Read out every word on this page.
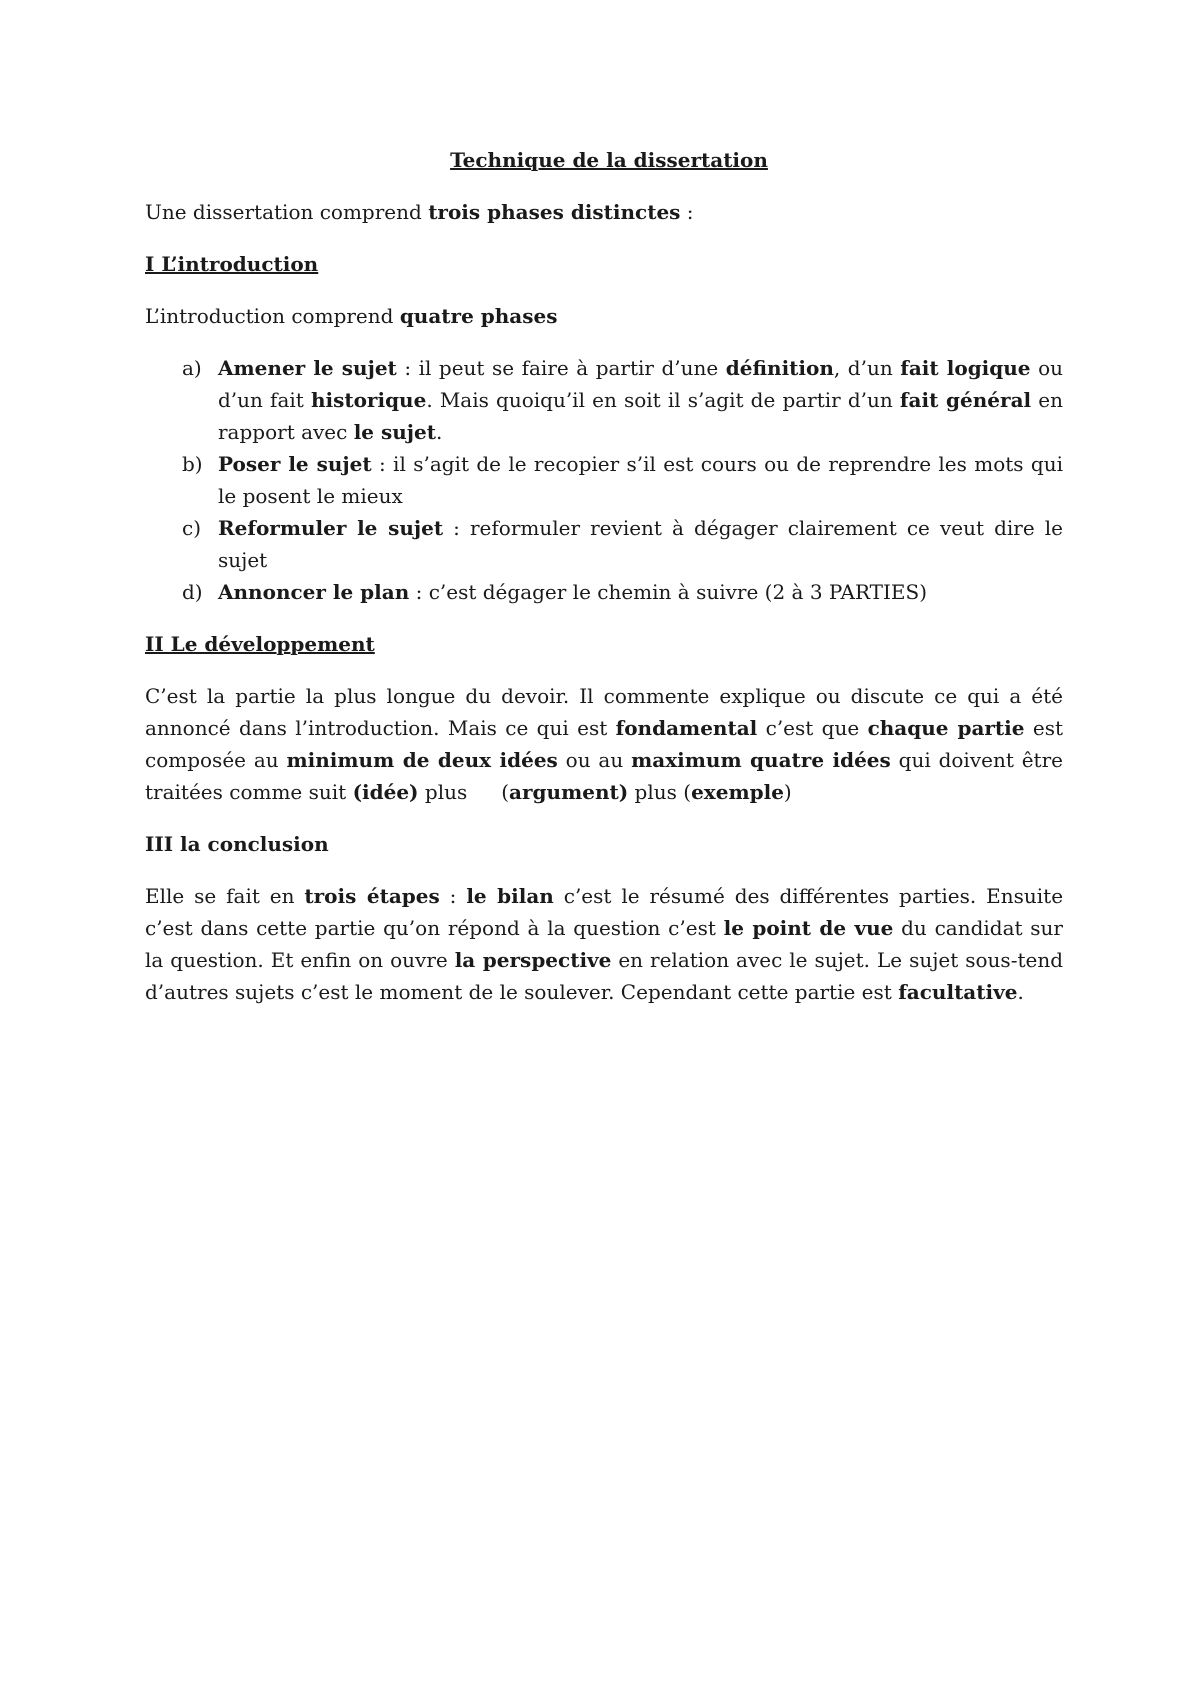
Technique de la dissertation

Une dissertation comprend trois phases distinctes :

I L’introduction

L’introduction comprend quatre phases

a) Amener le sujet : il peut se faire à partir d’une définition, d’un fait logique ou d’un fait historique. Mais quoiqu’il en soit il s’agit de partir d’un fait général en rapport avec le sujet.
b) Poser le sujet : il s’agit de le recopier s’il est cours ou de reprendre les mots qui le posent le mieux
c) Reformuler le sujet : reformuler revient à dégager clairement ce veut dire le sujet
d) Annoncer le plan : c’est dégager le chemin à suivre (2 à 3 PARTIES)
II Le développement

C’est la partie la plus longue du devoir. Il commente explique ou discute ce qui a été annoncé dans l’introduction. Mais ce qui est fondamental c’est que chaque partie est composée au minimum de deux idées ou au maximum quatre idées qui doivent être traitées comme suit (idée) plus (argument) plus (exemple)

III la conclusion

Elle se fait en trois étapes : le bilan c’est le résumé des différentes parties. Ensuite c’est dans cette partie qu’on répond à la question c’est le point de vue du candidat sur la question. Et enfin on ouvre la perspective en relation avec le sujet. Le sujet sous-tend d’autres sujets c’est le moment de le soulever. Cependant cette partie est facultative.
